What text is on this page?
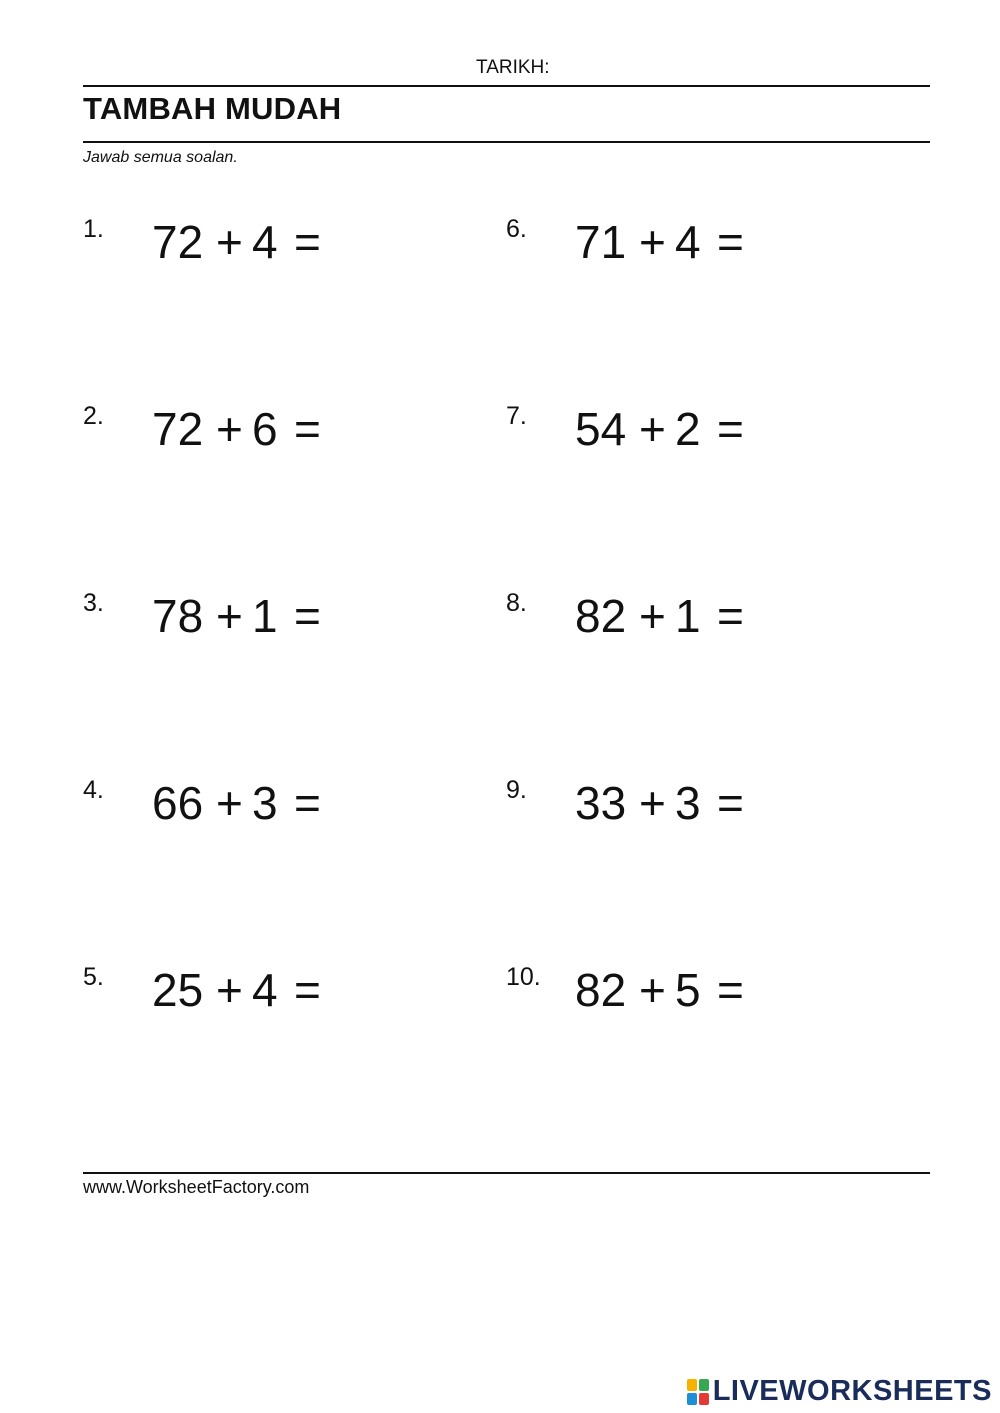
TARIKH:
TAMBAH MUDAH
Jawab semua soalan.
1. 72 + 4 =
2. 72 + 6 =
3. 78 + 1 =
4. 66 + 3 =
5. 25 + 4 =
6. 71 + 4 =
7. 54 + 2 =
8. 82 + 1 =
9. 33 + 3 =
10. 82 + 5 =
www.WorksheetFactory.com
LIVEWORKSHEETS
